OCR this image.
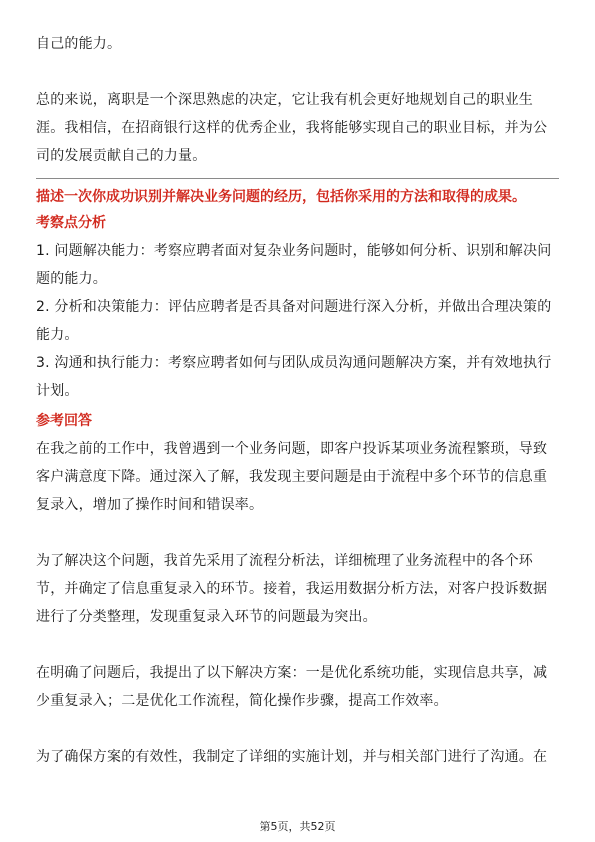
自己的能力。

总的来说，离职是一个深思熟虑的决定，它让我有机会更好地规划自己的职业生涯。我相信，在招商银行这样的优秀企业，我将能够实现自己的职业目标，并为公司的发展贡献自己的力量。

描述一次你成功识别并解决业务问题的经历，包括你采用的方法和取得的成果。

考察点分析

1. 问题解决能力：考察应聘者面对复杂业务问题时，能够如何分析、识别和解决问题的能力。

2. 分析和决策能力：评估应聘者是否具备对问题进行深入分析，并做出合理决策的能力。

3. 沟通和执行能力：考察应聘者如何与团队成员沟通问题解决方案，并有效地执行计划。

参考回答

在我之前的工作中，我曾遇到一个业务问题，即客户投诉某项业务流程繁琐，导致客户满意度下降。通过深入了解，我发现主要问题是由于流程中多个环节的信息重复录入，增加了操作时间和错误率。

为了解决这个问题，我首先采用了流程分析法，详细梳理了业务流程中的各个环节，并确定了信息重复录入的环节。接着，我运用数据分析方法，对客户投诉数据进行了分类整理，发现重复录入环节的问题最为突出。

在明确了问题后，我提出了以下解决方案：一是优化系统功能，实现信息共享，减少重复录入；二是优化工作流程，简化操作步骤，提高工作效率。

为了确保方案的有效性，我制定了详细的实施计划，并与相关部门进行了沟通。在

第5页，共52页
